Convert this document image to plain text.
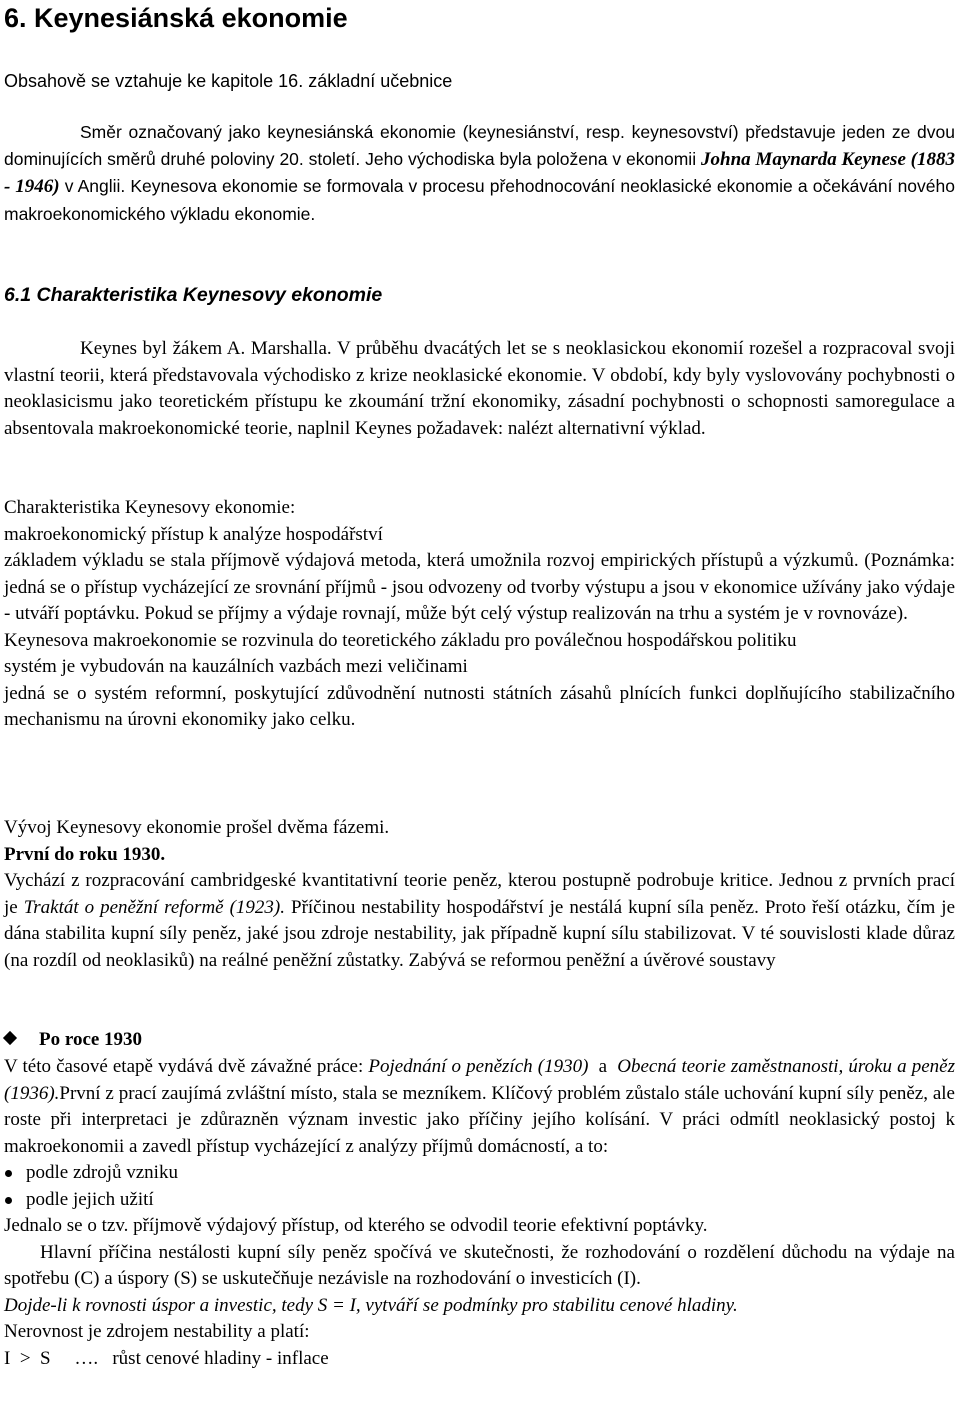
6. Keynesiánská ekonomie

Obsahově se vztahuje ke kapitole 16. základní učebnice

Směr označovaný jako keynesiánská ekonomie (keynesiánství, resp. keynesovství) představuje jeden ze dvou dominujících směrů druhé poloviny 20. století. Jeho východiska byla položena v ekonomii Johna Maynarda Keynese (1883 - 1946) v Anglii. Keynesova ekonomie se formovala v procesu přehodnocování neoklasické ekonomie a očekávání nového makroekonomického výkladu ekonomie.

6.1 Charakteristika Keynesovy ekonomie

Keynes byl žákem A. Marshalla. V průběhu dvacátých let se s neoklasickou ekonomií rozešel a rozpracoval svoji vlastní teorii, která představovala východisko z krize neoklasické ekonomie. V období, kdy byly vyslovovány pochybnosti o neoklasicismu jako teoretickém přístupu ke zkoumání tržní ekonomiky, zásadní pochybnosti o schopnosti samoregulace a absentovala makroekonomické teorie, naplnil Keynes požadavek: nalézt alternativní výklad.

Charakteristika Keynesovy ekonomie:

makroekonomický přístup k analýze hospodářství

základem výkladu se stala příjmově výdajová metoda, která umožnila rozvoj empirických přístupů a výzkumů. (Poznámka: jedná se o přístup vycházející ze srovnání příjmů - jsou odvozeny od tvorby výstupu a jsou v ekonomice užívány jako výdaje - utváří poptávku. Pokud se příjmy a výdaje rovnají, může být celý výstup realizován na trhu a systém je v rovnováze).

Keynesova makroekonomie se rozvinula do teoretického základu pro poválečnou hospodářskou politiku

systém je vybudován na kauzálních vazbách mezi veličinami

jedná se o systém reformní, poskytující zdůvodnění nutnosti státních zásahů plnících funkci doplňujícího stabilizačního mechanismu na úrovni ekonomiky jako celku.

Vývoj Keynesovy ekonomie prošel dvěma fázemi.

První do roku 1930.

Vychází z rozpracování cambridgeské kvantitativní teorie peněz, kterou postupně podrobuje kritice. Jednou z prvních prací je Traktát o peněžní reformě (1923). Příčinou nestability hospodářství je nestálá kupní síla peněz. Proto řeší otázku, čím je dána stabilita kupní síly peněz, jaké jsou zdroje nestability, jak případně kupní sílu stabilizovat. V té souvislosti klade důraz (na rozdíl od neoklasiků) na reálné peněžní zůstatky. Zabývá se reformou peněžní a úvěrové soustavy

Po roce 1930

V této časové etapě vydává dvě závažné práce: Pojednání o penězích (1930)  a  Obecná teorie zaměstnanosti, úroku a peněz (1936).První z prací zaujímá zvláštní místo, stala se mezníkem. Klíčový problém zůstalo stále uchování kupní síly peněz, ale roste při interpretaci je zdůrazněn význam investic jako příčiny jejího kolísání. V práci odmítl neoklasický postoj k makroekonomii a zavedl přístup vycházející z analýzy příjmů domácností, a to:

podle zdrojů vzniku
podle jejich užití

Jednalo se o tzv. příjmově výdajový přístup, od kterého se odvodil teorie efektivní poptávky.

Hlavní příčina nestálosti kupní síly peněz spočívá ve skutečnosti, že rozhodování o rozdělení důchodu na výdaje na spotřebu (C) a úspory (S) se uskutečňuje nezávisle na rozhodování o investicích (I).

Dojde-li k rovnosti úspor a investic, tedy S = I, vytváří se podmínky pro stabilitu cenové hladiny.

Nerovnost je zdrojem nestability a platí:

I  >  S     ….   růst cenové hladiny - inflace
